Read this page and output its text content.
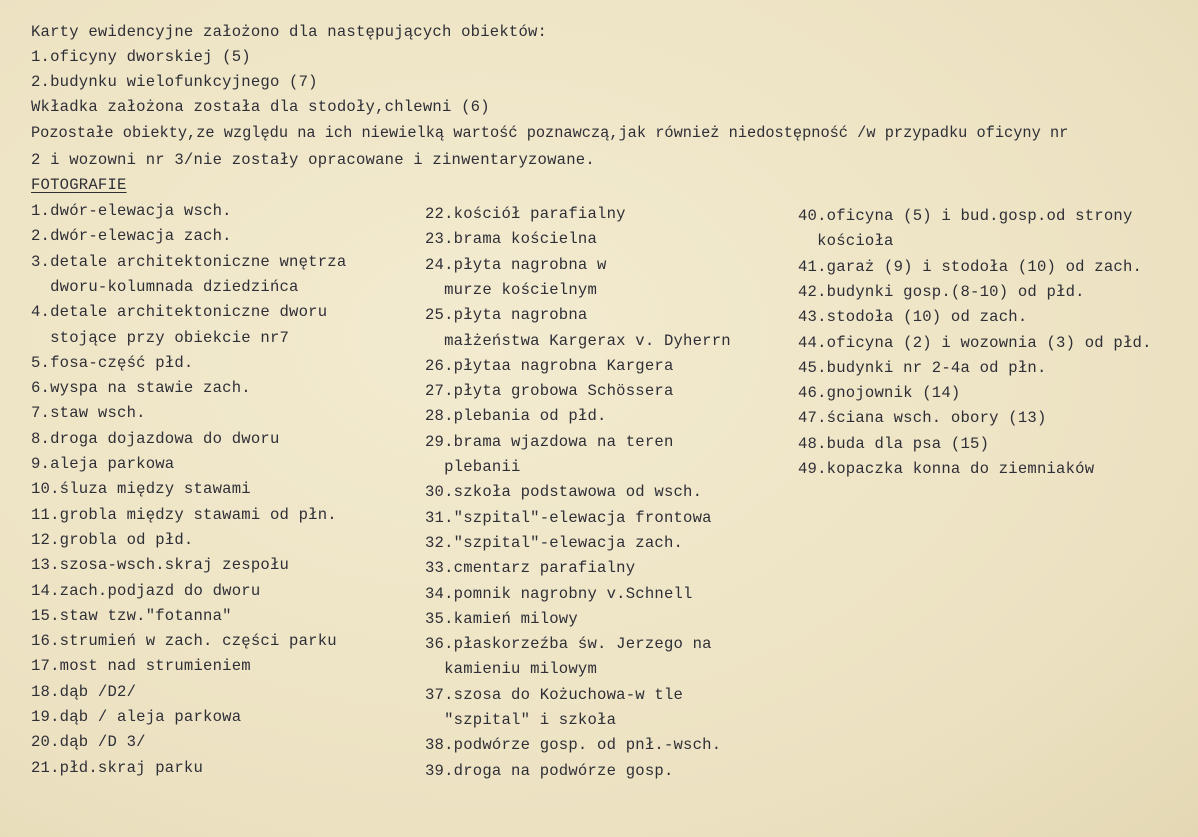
Karty ewidencyjne założono dla następujących obiektów:
1.oficyny dworskiej (5)
2.budynku wielofunkcyjnego (7)
Wkładka założona została dla stodoły,chlewni (6)
Pozostałe obiekty,ze względu na ich niewielką wartość poznawczą,jak również niedostępność /w przypadku oficyny nr
2 i wozowni nr 3/nie zostały opracowane i zinwentaryzowane.
FOTOGRAFIE
1.dwór-elewacja wsch.
2.dwór-elewacja zach.
3.detale architektoniczne wnętrza
dworu-kolumnada dziedzińca
4.detale architektoniczne dworu
stojące przy obiekcie nr7
5.fosa-część płd.
6.wyspa na stawie zach.
7.staw wsch.
8.droga dojazdowa do dworu
9.aleja parkowa
10.śluza między stawami
11.grobla między stawami od płn.
12.grobla od płd.
13.szosa-wsch.skraj zespołu
14.zach.podjazd do dworu
15.staw tzw."fotanna"
16.strumień w zach. części parku
17.most nad strumieniem
18.dąb /D2/
19.dąb / aleja parkowa
20.dąb /D 3/
21.płd.skraj parku
22.kościół parafialny
23.brama kościelna
24.płyta nagrobna w
murze kościelnym
25.płyta nagrobna
małżeństwa Kargerax v. Dyherrn
26.płytaa nagrobna Kargera
27.płyta grobowa Schössera
28.plebania od płd.
29.brama wjazdowa na teren
plebanii
30.szkoła podstawowa od wsch.
31."szpital"-elewacja frontowa
32."szpital"-elewacja zach.
33.cmentarz parafialny
34.pomnik nagrobny v.Schnell
35.kamień milowy
36.płaskorzeźba św. Jerzego na
kamieniu milowym
37.szosa do Kożuchowa-w tle
"szpital" i szkoła
38.podwórze gosp. od pnł.-wsch.
39.droga na podwórze gosp.
40.oficyna (5) i bud.gosp.od strony
kościoła
41.garaż (9) i stodoła (10) od zach.
42.budynki gosp.(8-10) od płd.
43.stodoła (10) od zach.
44.oficyna (2) i wozownia (3) od płd.
45.budynki nr 2-4a od płn.
46.gnojownik (14)
47.ściana wsch. obory (13)
48.buda dla psa (15)
49.kopaczka konna do ziemniaków
